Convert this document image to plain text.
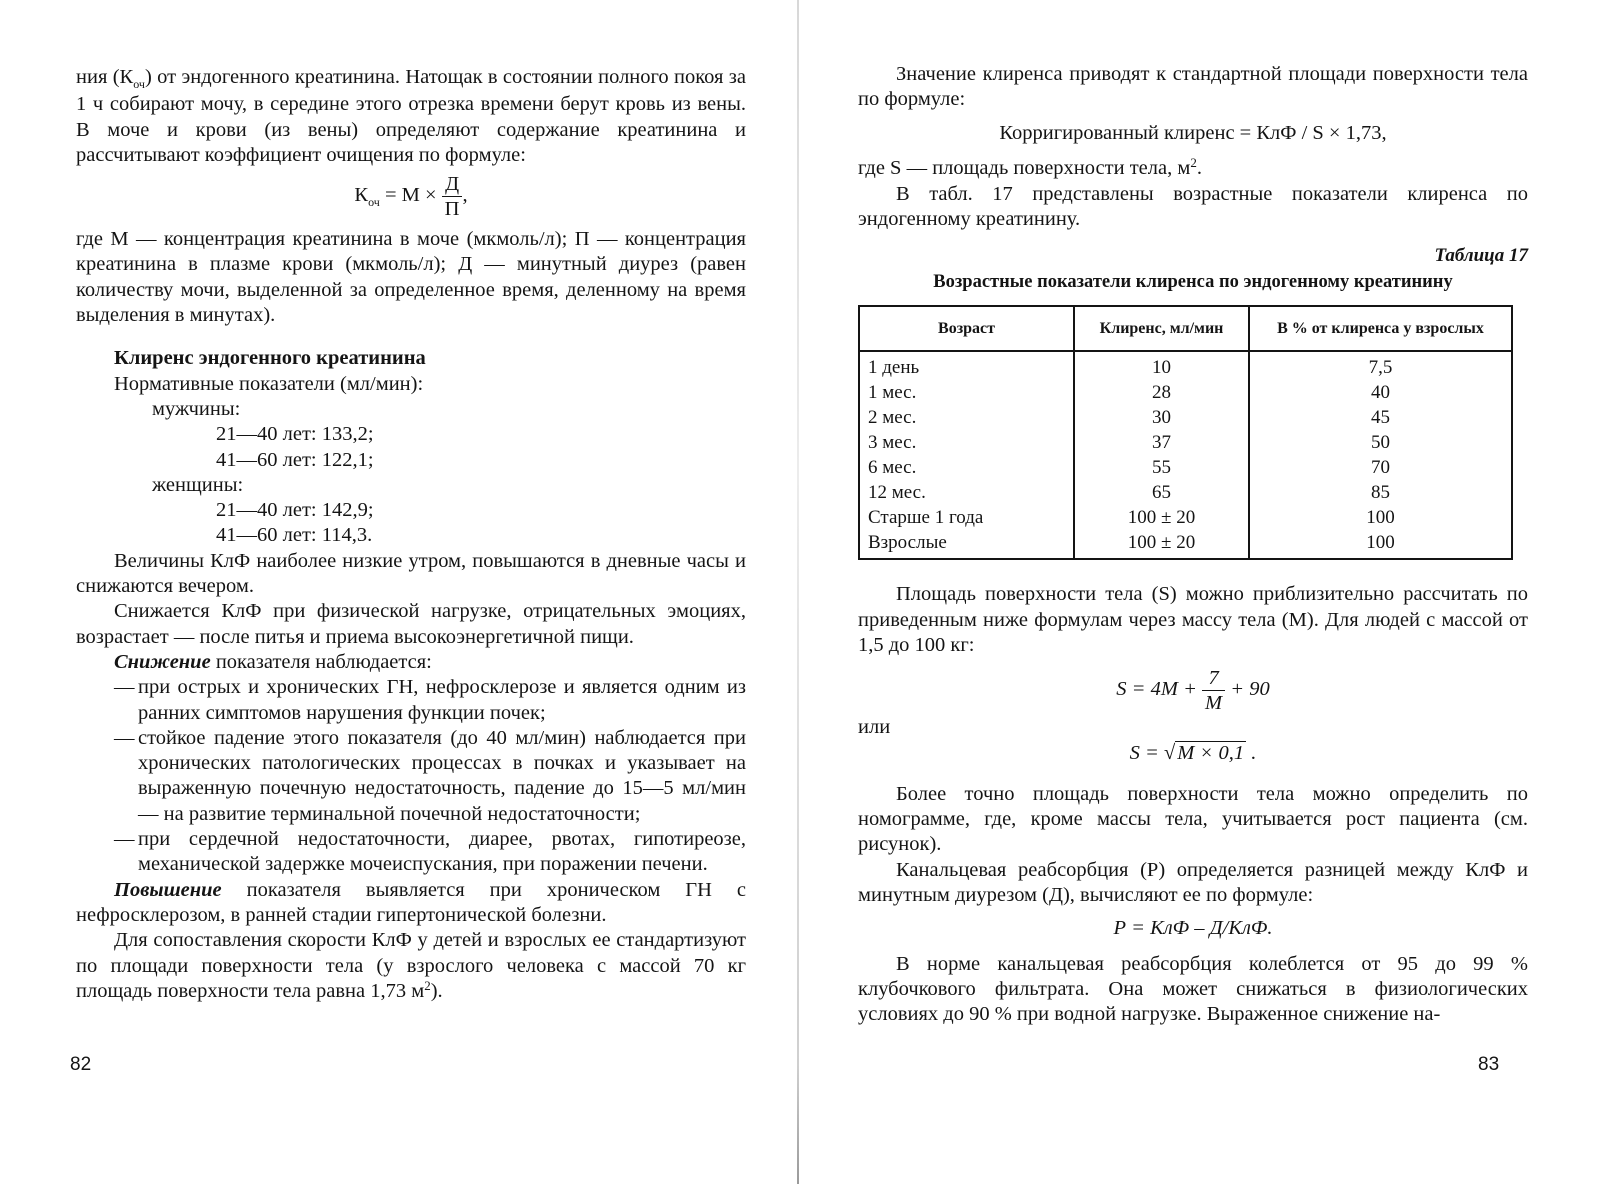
ния $(К_{оч})$ от эндогенного креатинина. Натощак в состоянии полного покоя за 1 ч собирают мочу, в середине этого отрезка времени берут кровь из вены. В моче и крови (из вены) определяют содержание креатинина и рассчитывают коэффициент очищения по формуле:

$К_{оч} = М \times \frac{Д}{П}$ ,

где М — концентрация креатинина в моче (мкмоль/л); П — концентрация креатинина в плазме крови (мкмоль/л); Д — минутный диурез (равен количеству мочи, выделенной за определенное время, деленному на время выделения в минутах).

Клиренс эндогенного креатинина
Нормативные показатели (мл/мин):
мужчины:
21—40 лет: 133,2;
41—60 лет: 122,1;
женщины:
21—40 лет: 142,9;
41—60 лет: 114,3.

Величины КлФ наиболее низкие утром, повышаются в дневные часы и снижаются вечером.

Снижается КлФ при физической нагрузке, отрицательных эмоциях, возрастает — после питья и приема высокоэнергетичной пищи.

Снижение показателя наблюдается:

— при острых и хронических ГН, нефросклерозе и является одним из ранних симптомов нарушения функции почек;
— стойкое падение этого показателя (до 40 мл/мин) наблюдается при хронических патологических процессах в почках и указывает на выраженную почечную недостаточность, падение до 15—5 мл/мин — на развитие терминальной почечной недостаточности;
— при сердечной недостаточности, диарее, рвотах, гипотиреозе, механической задержке мочеиспускания, при поражении печени.

Повышение показателя выявляется при хроническом ГН с нефросклерозом, в ранней стадии гипертонической болезни.

Для сопоставления скорости КлФ у детей и взрослых ее стандартизуют по площади поверхности тела (у взрослого человека с массой 70 кг площадь поверхности тела равна 1,73 $м^2$).

82

Значение клиренса приводят к стандартной площади поверхности тела по формуле:

Корригированный клиренс = КлФ / S × 1,73,

где S — площадь поверхности тела, $м^2$.

В табл. 17 представлены возрастные показатели клиренса по эндогенному креатинину.

Таблица 17
Возрастные показатели клиренса по эндогенному креатинину
Возраст	Клиренс, мл/мин	В % от клиренса у взрослых
1 день	10	7,5
1 мес.	28	40
2 мес.	30	45
3 мес.	37	50
6 мес.	55	70
12 мес.	65	85
Старше 1 года	100 ± 20	100
Взрослые	100 ± 20	100

Площадь поверхности тела (S) можно приблизительно рассчитать по приведенным ниже формулам через массу тела (М). Для людей с массой от 1,5 до 100 кг:

$S = 4M + \frac{7}{M} + 90$

или

S = √M × 0,1 .

Более точно площадь поверхности тела можно определить по номограмме, где, кроме массы тела, учитывается рост пациента (см. рисунок).

Канальцевая реабсорбция (Р) определяется разницей между КлФ и минутным диурезом (Д), вычисляют ее по формуле:

Р = КлФ – Д/КлФ.

В норме канальцевая реабсорбция колеблется от 95 до 99 % клубочкового фильтрата. Она может снижаться в физиологических условиях до 90 % при водной нагрузке. Выраженное снижение на-

83
